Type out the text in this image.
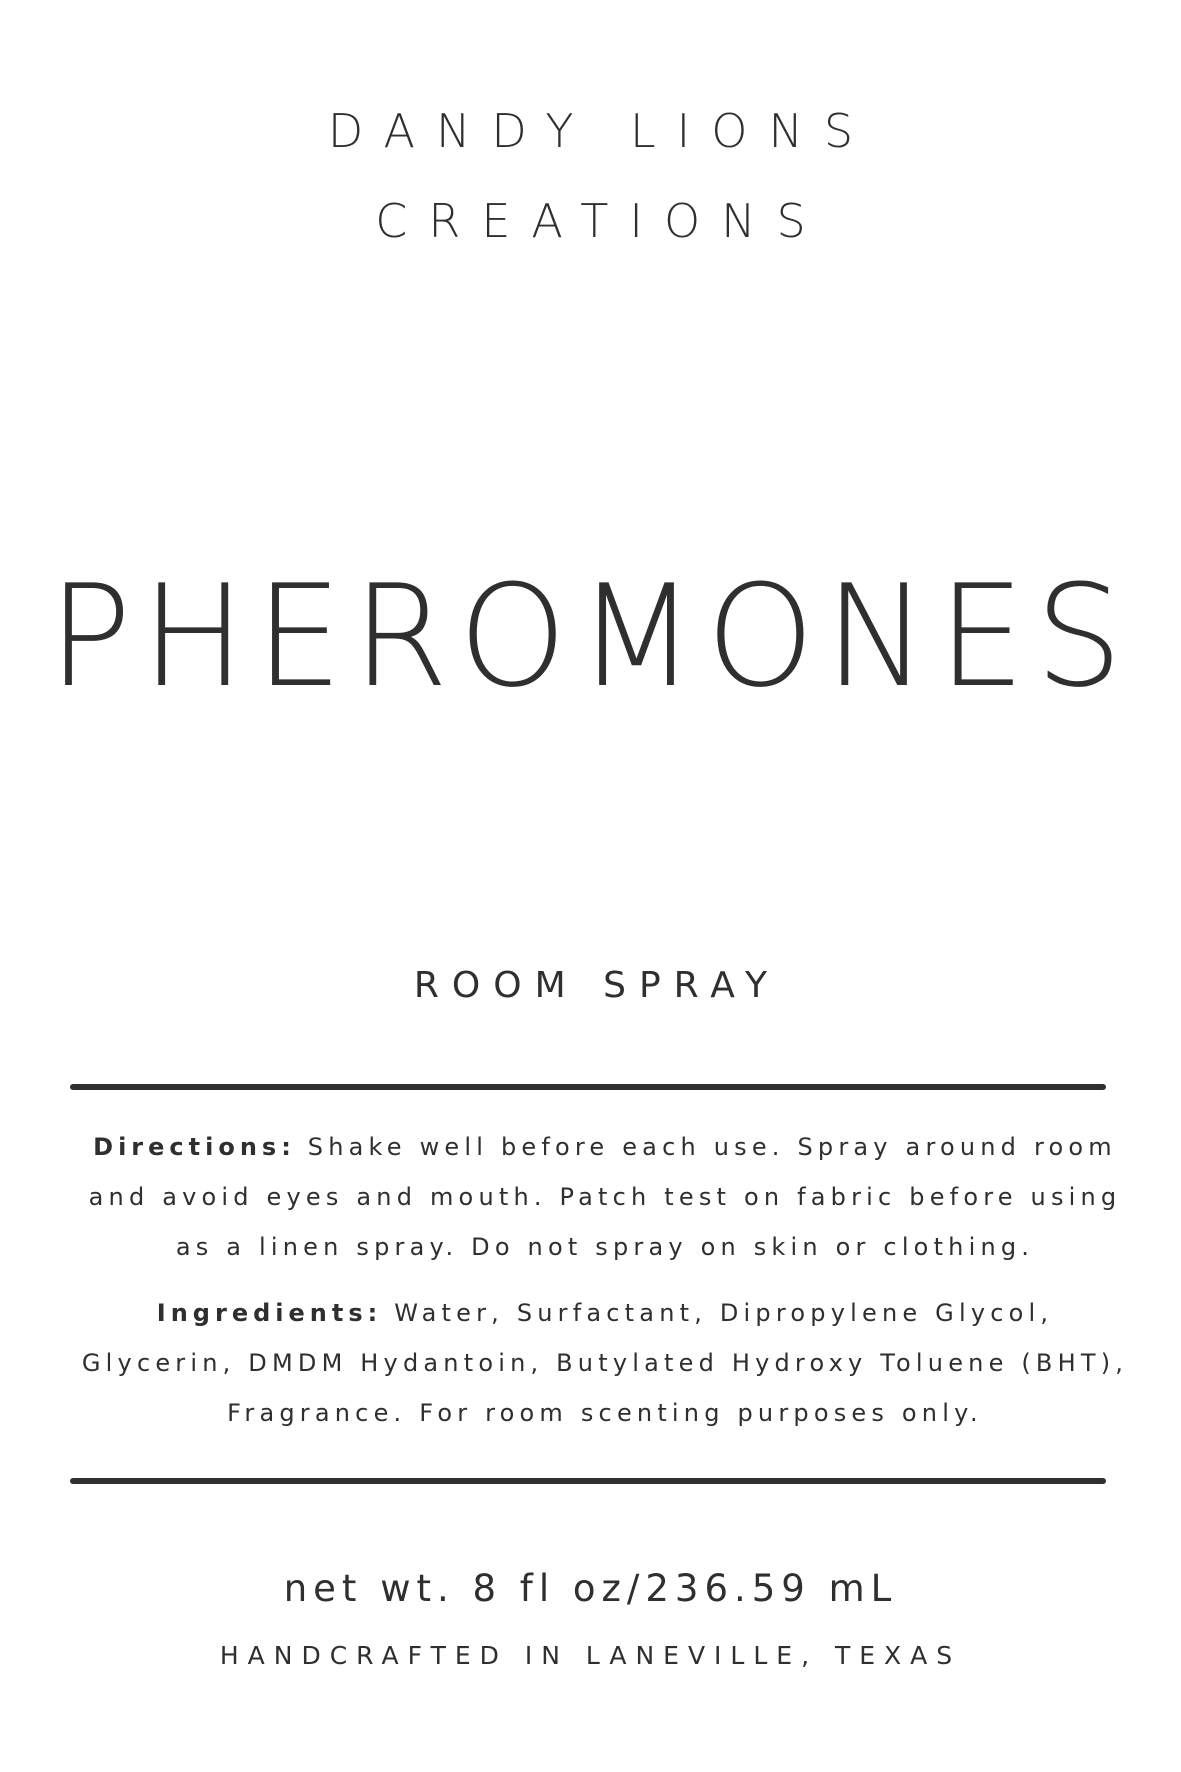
DANDY LIONS
CREATIONS
PHEROMONES
ROOM SPRAY
Directions: Shake well before each use. Spray around room and avoid eyes and mouth. Patch test on fabric before using as a linen spray. Do not spray on skin or clothing.
Ingredients: Water, Surfactant, Dipropylene Glycol, Glycerin, DMDM Hydantoin, Butylated Hydroxy Toluene (BHT), Fragrance. For room scenting purposes only.
net wt. 8 fl oz/236.59 mL
HANDCRAFTED IN LANEVILLE, TEXAS
